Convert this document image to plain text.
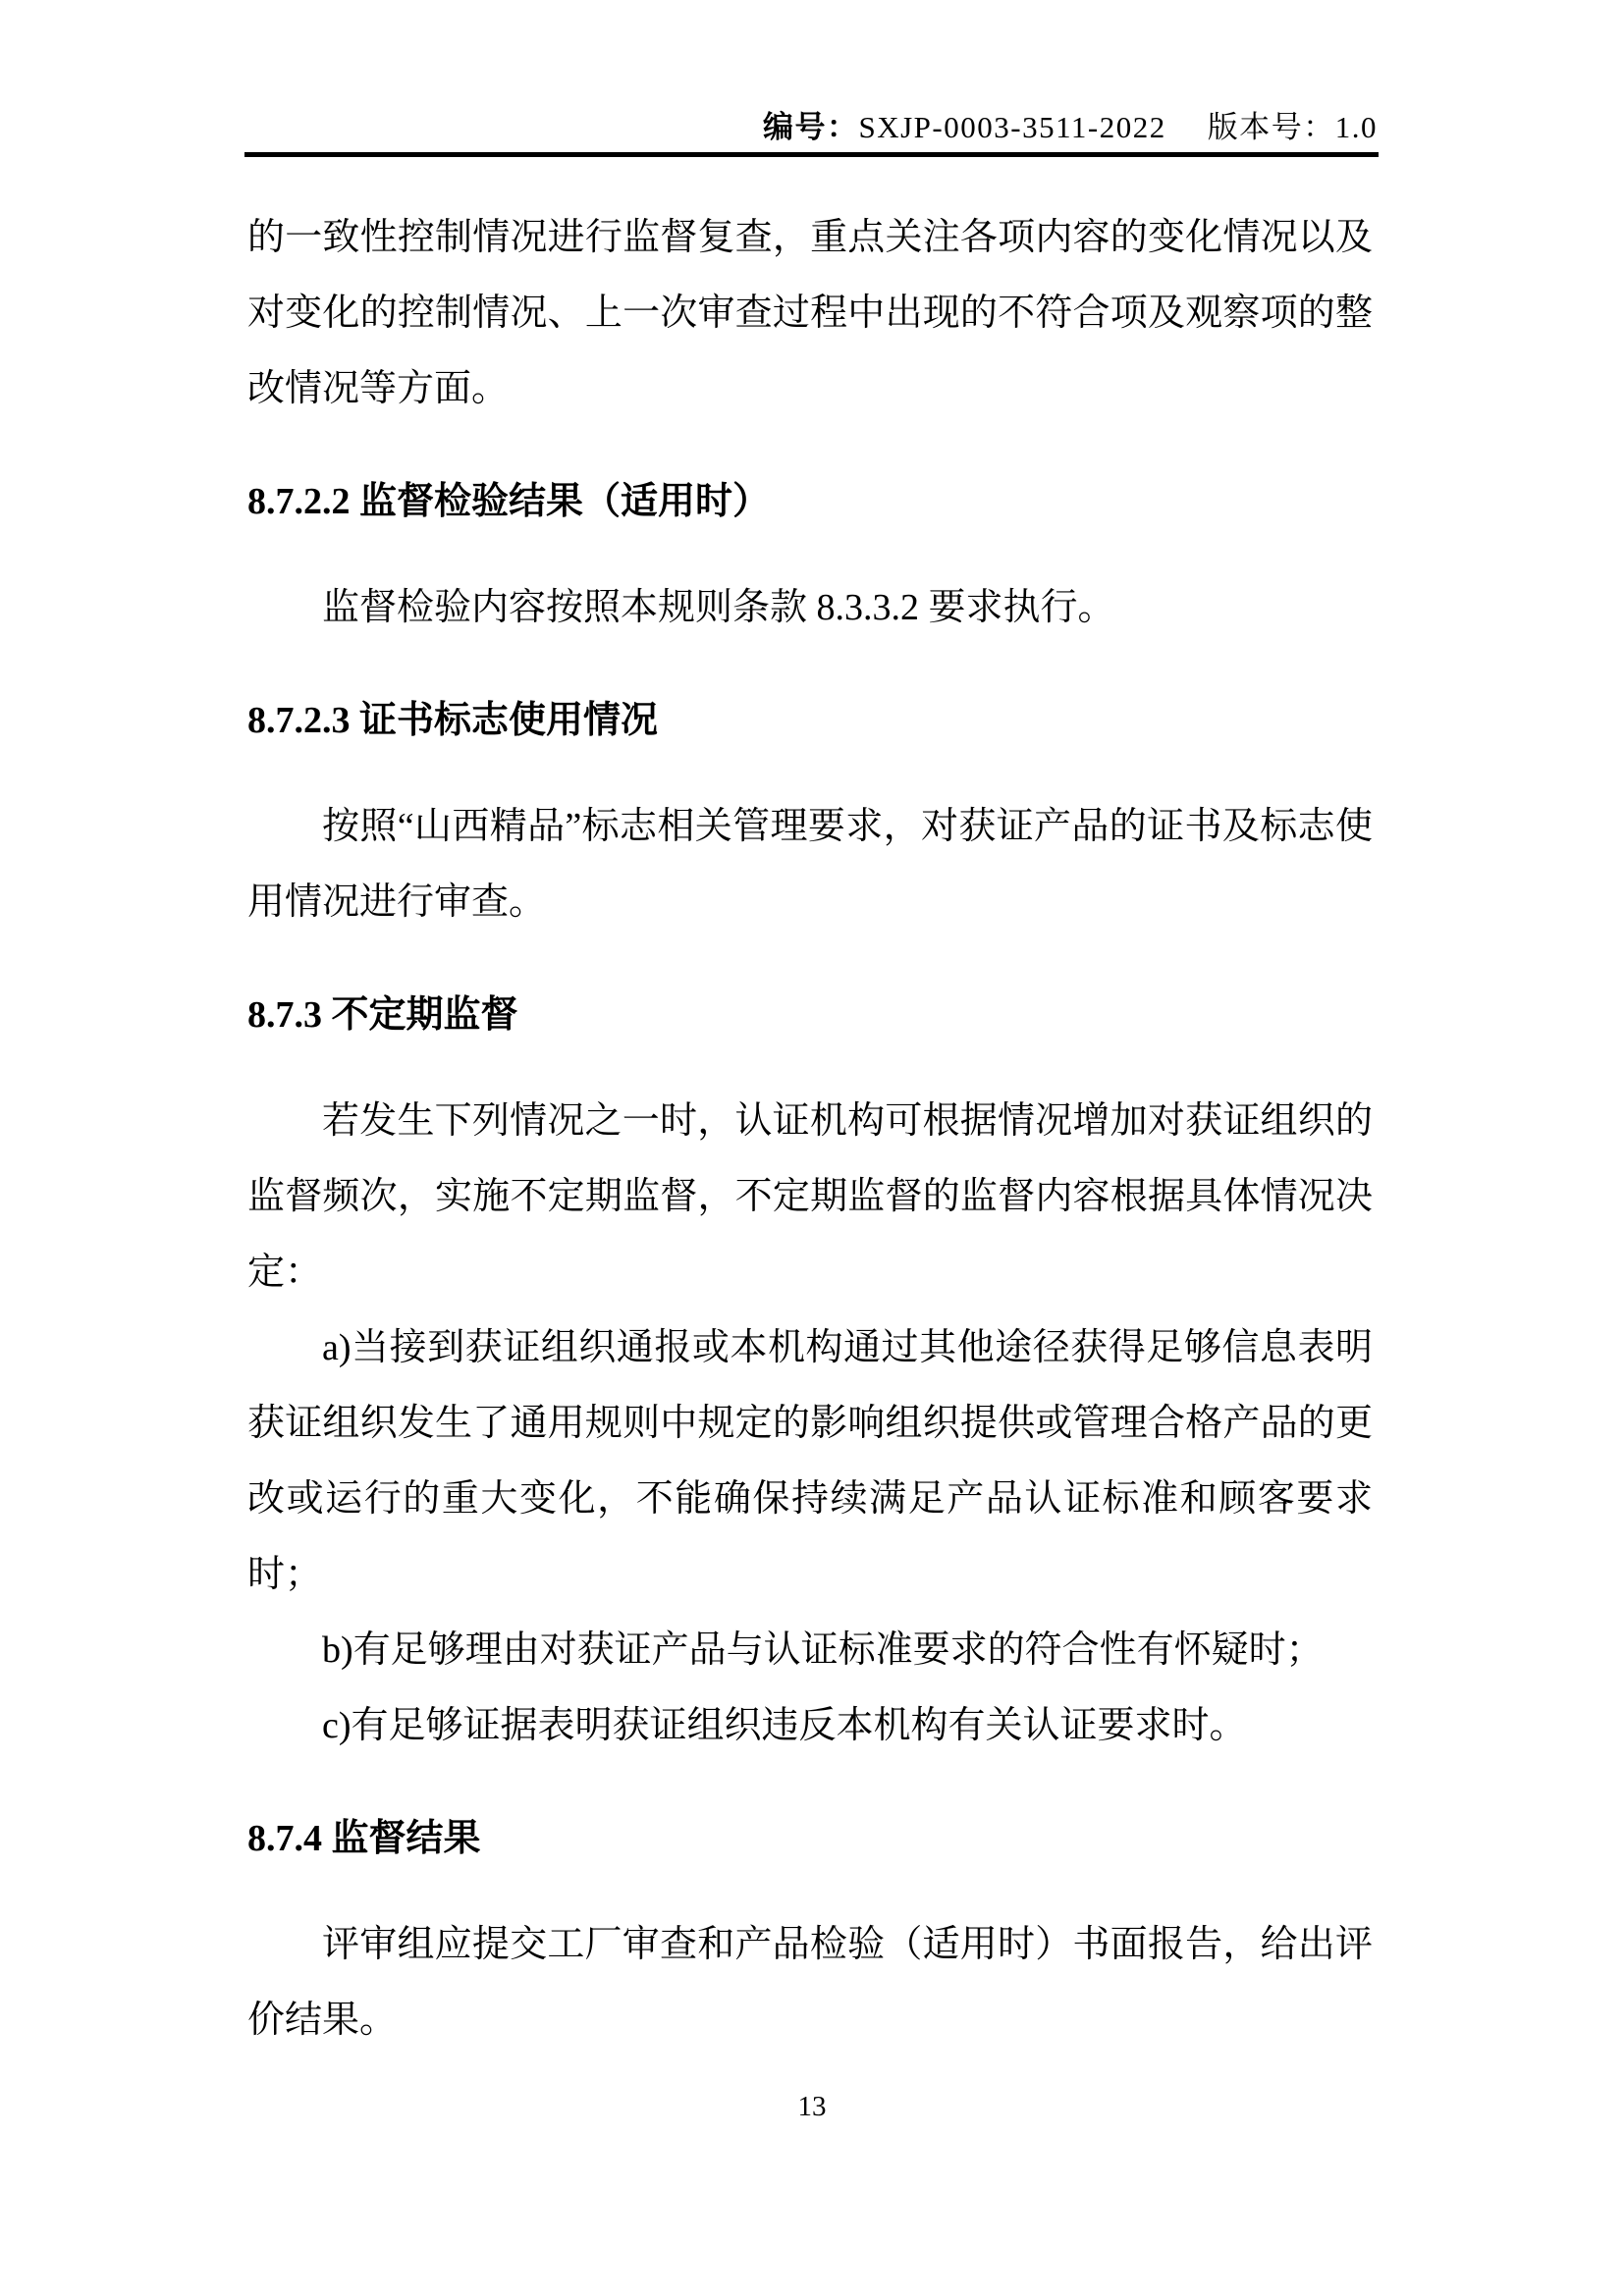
编号：SXJP-0003-3511-2022 版本号：1.0

的一致性控制情况进行监督复查，重点关注各项内容的变化情况以及对变化的控制情况、上一次审查过程中出现的不符合项及观察项的整改情况等方面。

8.7.2.2 监督检验结果（适用时）

监督检验内容按照本规则条款 8.3.3.2 要求执行。

8.7.2.3 证书标志使用情况

按照“山西精品”标志相关管理要求，对获证产品的证书及标志使用情况进行审查。

8.7.3 不定期监督

若发生下列情况之一时，认证机构可根据情况增加对获证组织的监督频次，实施不定期监督，不定期监督的监督内容根据具体情况决定：

a)当接到获证组织通报或本机构通过其他途径获得足够信息表明获证组织发生了通用规则中规定的影响组织提供或管理合格产品的更改或运行的重大变化，不能确保持续满足产品认证标准和顾客要求时；

b)有足够理由对获证产品与认证标准要求的符合性有怀疑时；

c)有足够证据表明获证组织违反本机构有关认证要求时。

8.7.4 监督结果

评审组应提交工厂审查和产品检验（适用时）书面报告，给出评价结果。

13
